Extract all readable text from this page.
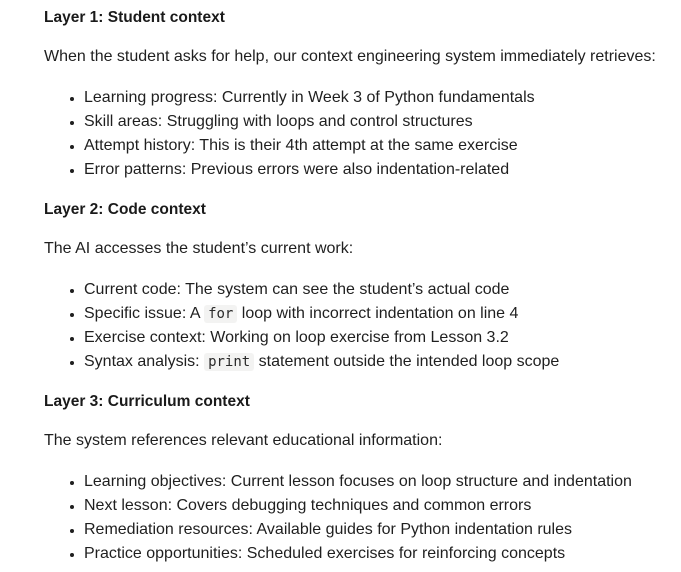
Layer 1: Student context

When the student asks for help, our context engineering system immediately retrieves:

Learning progress: Currently in Week 3 of Python fundamentals
Skill areas: Struggling with loops and control structures
Attempt history: This is their 4th attempt at the same exercise
Error patterns: Previous errors were also indentation-related
Layer 2: Code context

The AI accesses the student’s current work:

Current code: The system can see the student’s actual code
Specific issue: A for loop with incorrect indentation on line 4
Exercise context: Working on loop exercise from Lesson 3.2
Syntax analysis: print statement outside the intended loop scope
Layer 3: Curriculum context

The system references relevant educational information:

Learning objectives: Current lesson focuses on loop structure and indentation
Next lesson: Covers debugging techniques and common errors
Remediation resources: Available guides for Python indentation rules
Practice opportunities: Scheduled exercises for reinforcing concepts
